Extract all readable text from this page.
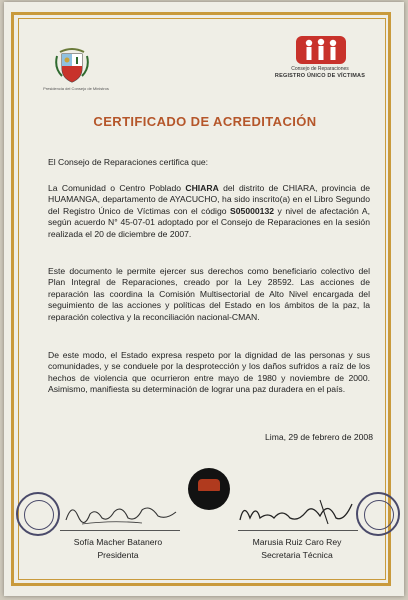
Presidencia del Consejo de Ministros
Consejo de Reparaciones
REGISTRO ÚNICO DE VÍCTIMAS
CERTIFICADO DE ACREDITACIÓN
El Consejo de Reparaciones certifica que:
La Comunidad o Centro Poblado CHIARA del distrito de CHIARA, provincia de HUAMANGA, departamento de AYACUCHO, ha sido inscrito(a) en el Libro Segundo del Registro Único de Víctimas con el código S05000132 y nivel de afectación A, según acuerdo N° 45-07-01 adoptado por el Consejo de Reparaciones en la sesión realizada el 20 de diciembre de 2007.
Este documento le permite ejercer sus derechos como beneficiario colectivo del Plan Integral de Reparaciones, creado por la Ley 28592. Las acciones de reparación las coordina la Comisión Multisectorial de Alto Nivel encargada del seguimiento de las acciones y políticas del Estado en los ámbitos de la paz, la reparación colectiva y la reconciliación nacional-CMAN.
De este modo, el Estado expresa respeto por la dignidad de las personas y sus comunidades, y se conduele por la desprotección y los daños sufridos a raíz de los hechos de violencia que ocurrieron entre mayo de 1980 y noviembre de 2000. Asimismo, manifiesta su determinación de lograr una paz duradera en el país.
Lima, 29 de febrero de 2008
Sofía Macher Batanero
Presidenta
Marusia Ruiz Caro Rey
Secretaria Técnica
